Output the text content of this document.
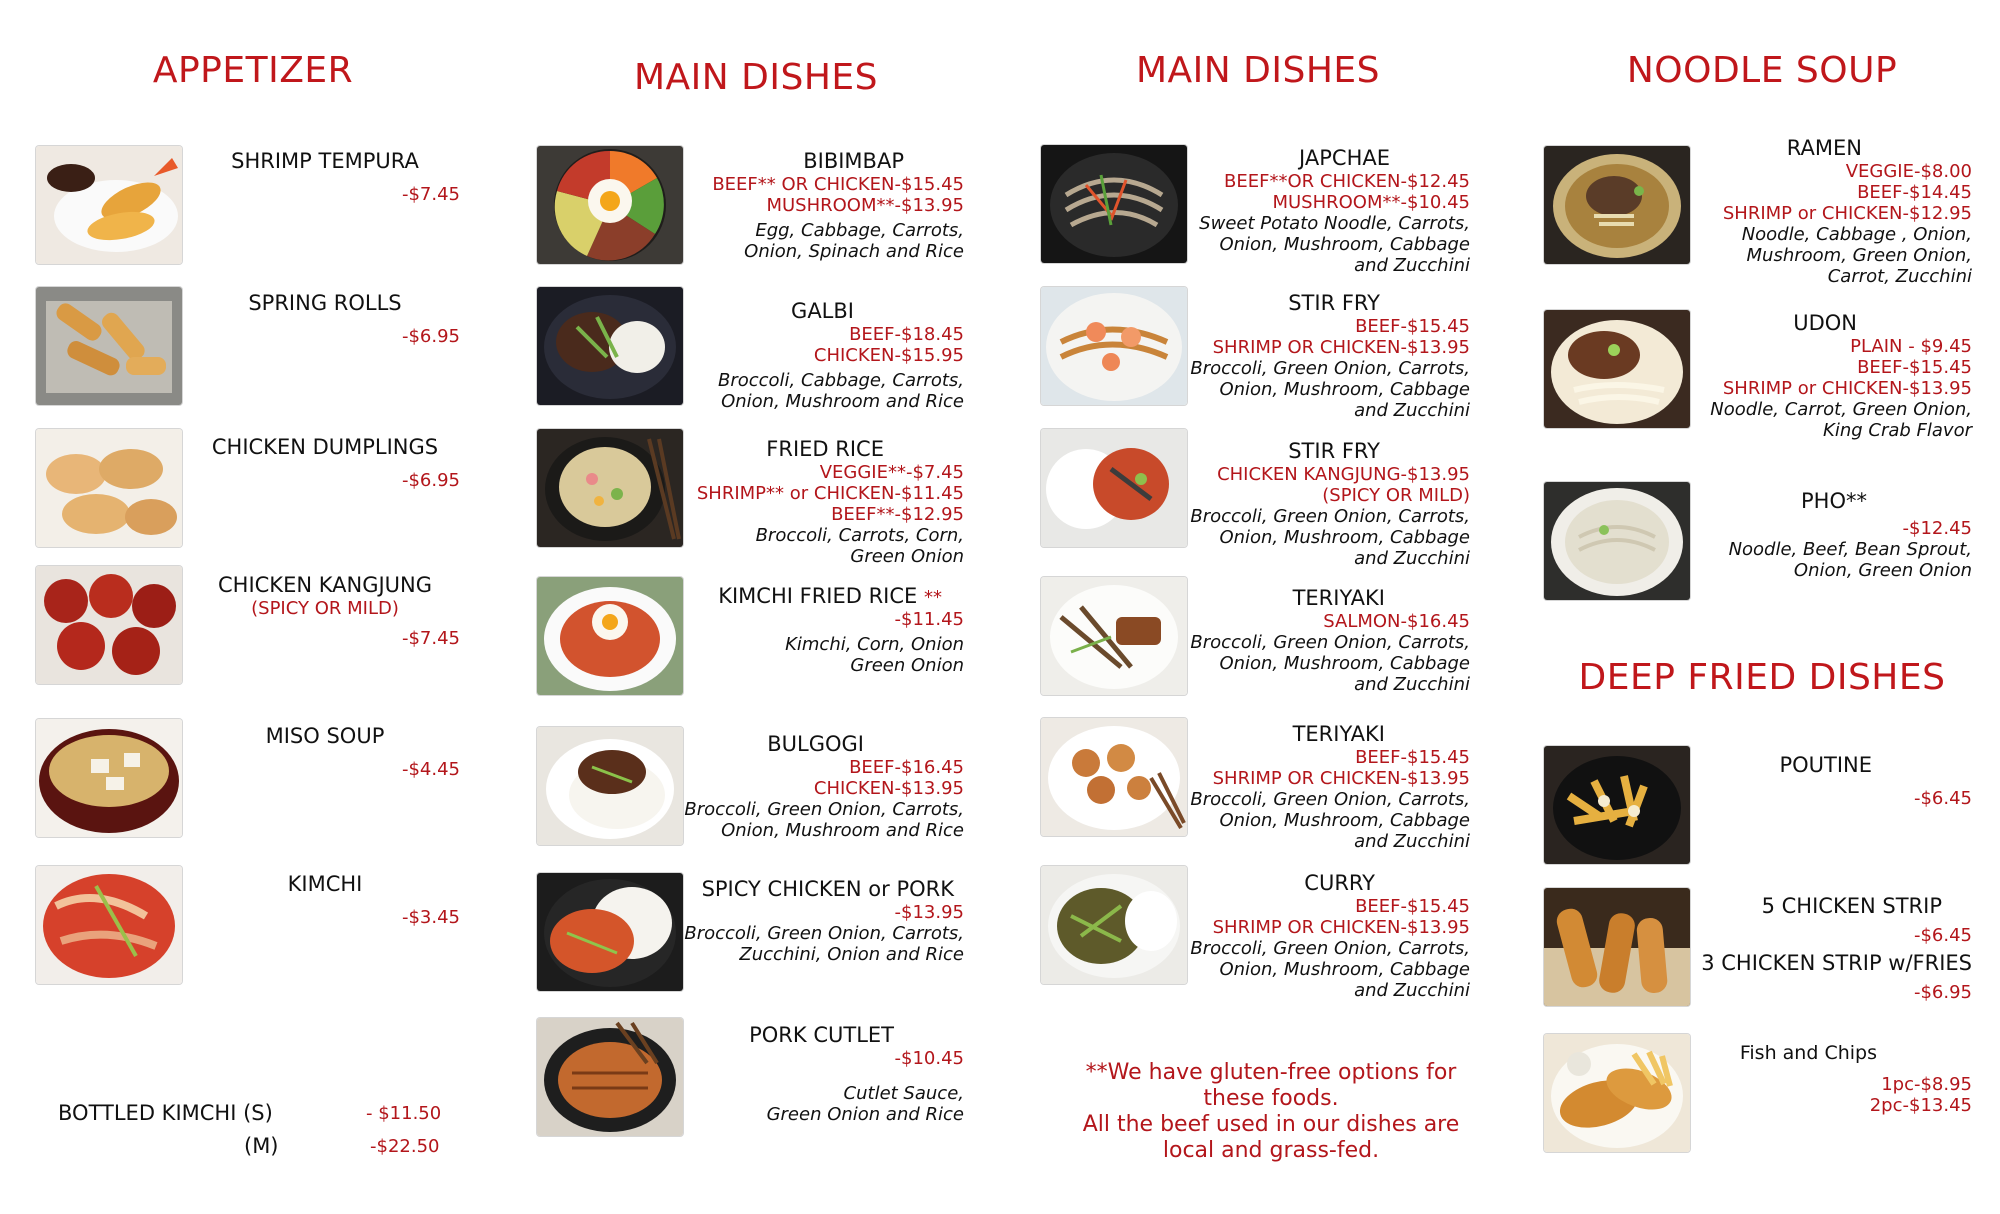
APPETIZER	MAIN DISHES	MAIN DISHES	NOODLE SOUP
DEEP FRIED DISHES
SHRIMP TEMPURA
-$7.45
SPRING ROLLS
-$6.95
CHICKEN DUMPLINGS
-$6.95
CHICKEN KANGJUNG
(SPICY OR MILD)
-$7.45
MISO SOUP
-$4.45
KIMCHI
-$3.45
BOTTLED KIMCHI (S)	- $11.50
(M)	-$22.50
BIBIMBAP
BEEF** OR CHICKEN-$15.45
MUSHROOM**-$13.95
Egg, Cabbage, Carrots,
Onion, Spinach and Rice
GALBI
BEEF-$18.45
CHICKEN-$15.95
Broccoli, Cabbage, Carrots,
Onion, Mushroom and Rice
FRIED RICE
VEGGIE**-$7.45
SHRIMP** or CHICKEN-$11.45
BEEF**-$12.95
Broccoli, Carrots, Corn,
Green Onion
KIMCHI FRIED RICE **
-$11.45
Kimchi, Corn, Onion
Green Onion
BULGOGI
BEEF-$16.45
CHICKEN-$13.95
Broccoli, Green Onion, Carrots,
Onion, Mushroom and Rice
SPICY CHICKEN or PORK
-$13.95
Broccoli, Green Onion, Carrots,
Zucchini, Onion and Rice
PORK CUTLET
-$10.45
Cutlet Sauce,
Green Onion and Rice
JAPCHAE
BEEF**OR CHICKEN-$12.45
MUSHROOM**-$10.45
Sweet Potato Noodle, Carrots,
Onion, Mushroom, Cabbage
and Zucchini
STIR FRY
BEEF-$15.45
SHRIMP OR CHICKEN-$13.95
Broccoli, Green Onion, Carrots,
Onion, Mushroom, Cabbage
and Zucchini
STIR FRY
CHICKEN KANGJUNG-$13.95
(SPICY OR MILD)
Broccoli, Green Onion, Carrots,
Onion, Mushroom, Cabbage
and Zucchini
TERIYAKI
SALMON-$16.45
Broccoli, Green Onion, Carrots,
Onion, Mushroom, Cabbage
and Zucchini
TERIYAKI
BEEF-$15.45
SHRIMP OR CHICKEN-$13.95
Broccoli, Green Onion, Carrots,
Onion, Mushroom, Cabbage
and Zucchini
CURRY
BEEF-$15.45
SHRIMP OR CHICKEN-$13.95
Broccoli, Green Onion, Carrots,
Onion, Mushroom, Cabbage
and Zucchini
**We have gluten-free options for
these foods.
All the beef used in our dishes are
local and grass-fed.
RAMEN
VEGGIE-$8.00
BEEF-$14.45
SHRIMP or CHICKEN-$12.95
Noodle, Cabbage , Onion,
Mushroom, Green Onion,
Carrot, Zucchini
UDON
PLAIN - $9.45
BEEF-$15.45
SHRIMP or CHICKEN-$13.95
Noodle, Carrot, Green Onion,
King Crab Flavor
PHO**
-$12.45
Noodle, Beef, Bean Sprout,
Onion, Green Onion
POUTINE
-$6.45
5 CHICKEN STRIP
-$6.45
3 CHICKEN STRIP w/FRIES
-$6.95
Fish and Chips
1pc-$8.95
2pc-$13.45
